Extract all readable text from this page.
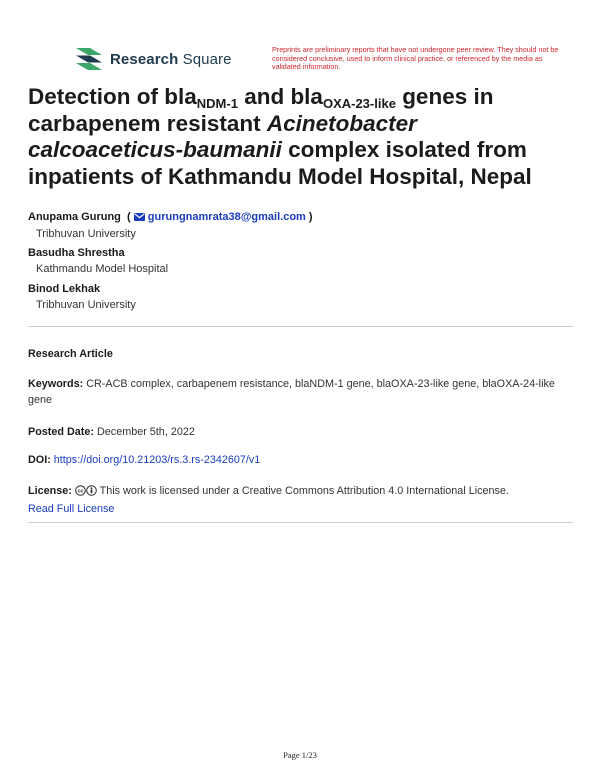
Research Square
Preprints are preliminary reports that have not undergone peer review. They should not be considered conclusive, used to inform clinical practice, or referenced by the media as validated information.
Detection of bla$_{NDM-1}$ and bla$_{OXA-23-like}$ genes in carbapenem resistant Acinetobacter calcoaceticus-baumanii complex isolated from inpatients of Kathmandu Model Hospital, Nepal
Anupama Gurung  (  gurungnamrata38@gmail.com )
Tribhuvan University
Basudha Shrestha
Kathmandu Model Hospital
Binod Lekhak
Tribhuvan University
Research Article
Keywords: CR-ACB complex, carbapenem resistance, blaNDM-1 gene, blaOXA-23-like gene, blaOXA-24-like gene
Posted Date: December 5th, 2022
DOI: https://doi.org/10.21203/rs.3.rs-2342607/v1
License: cc This work is licensed under a Creative Commons Attribution 4.0 International License.
Read Full License
Page 1/23
